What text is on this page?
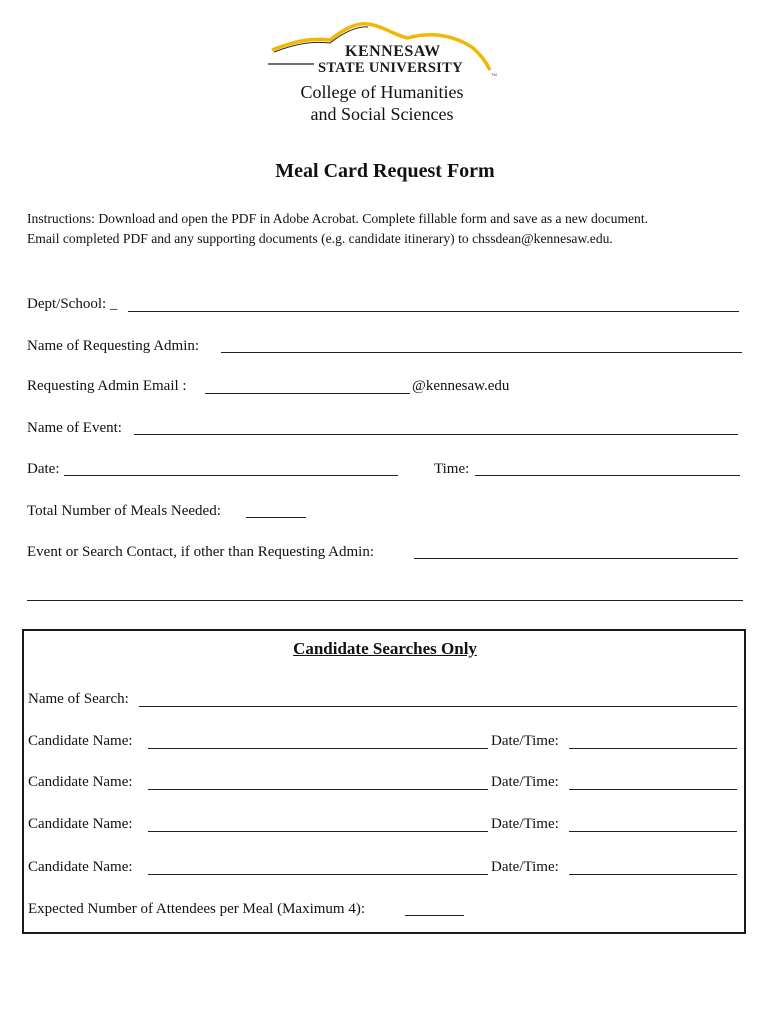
KENNESAW
STATE UNIVERSITY	TM
College of Humanities
and Social Sciences
Meal Card Request Form
Instructions: Download and open the PDF in Adobe Acrobat. Complete fillable form and save as a new document.
Email completed PDF and any supporting documents (e.g. candidate itinerary) to chssdean@kennesaw.edu.
Dept/School: _
Name of Requesting Admin:
Requesting Admin Email :	@kennesaw.edu
Name of Event:
Date:	Time:
Total Number of Meals Needed:
Event or Search Contact, if other than Requesting Admin:
Candidate Searches Only
Name of Search:
Candidate Name:	Date/Time:
Candidate Name:	Date/Time:
Candidate Name:	Date/Time:
Candidate Name:	Date/Time:
Expected Number of Attendees per Meal (Maximum 4):
